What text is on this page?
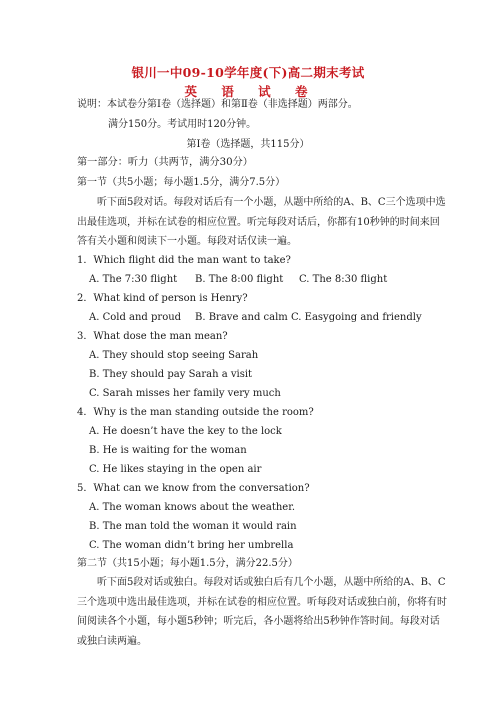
银川一中09-10学年度(下)高二期末考试
英 语 试 卷
说明：本试卷分第Ⅰ卷（选择题）和第Ⅱ卷（非选择题）两部分。
满分150分。考试用时120分钟。
第Ⅰ卷（选择题，共115分）
第一部分：听力（共两节，满分30分）
第一节（共5小题；每小题1.5分，满分7.5分）
听下面5段对话。每段对话后有一个小题，从题中所给的A、B、C三个选项中选出最佳选项，并标在试卷的相应位置。听完每段对话后，你都有10秒钟的时间来回答有关小题和阅读下一小题。每段对话仅读一遍。
1．Which flight did the man want to take?
A. The 7:30 flight B. The 8:00 flight C. The 8:30 flight
2．What kind of person is Henry?
A. Cold and proud B. Brave and calm C. Easygoing and friendly
3．What dose the man mean?
A. They should stop seeing Sarah
B. They should pay Sarah a visit
C. Sarah misses her family very much
4．Why is the man standing outside the room?
A. He doesn’t have the key to the lock
B. He is waiting for the woman
C. He likes staying in the open air
5．What can we know from the conversation?
A. The woman knows about the weather.
B. The man told the woman it would rain
C. The woman didn’t bring her umbrella
第二节（共15小题；每小题1.5分，满分22.5分）
听下面5段对话或独白。每段对话或独白后有几个小题，从题中所给的A、B、C三个选项中选出最佳选项，并标在试卷的相应位置。听每段对话或独白前，你将有时间阅读各个小题，每小题5秒钟；听完后，各小题将给出5秒钟作答时间。每段对话或独白读两遍。
